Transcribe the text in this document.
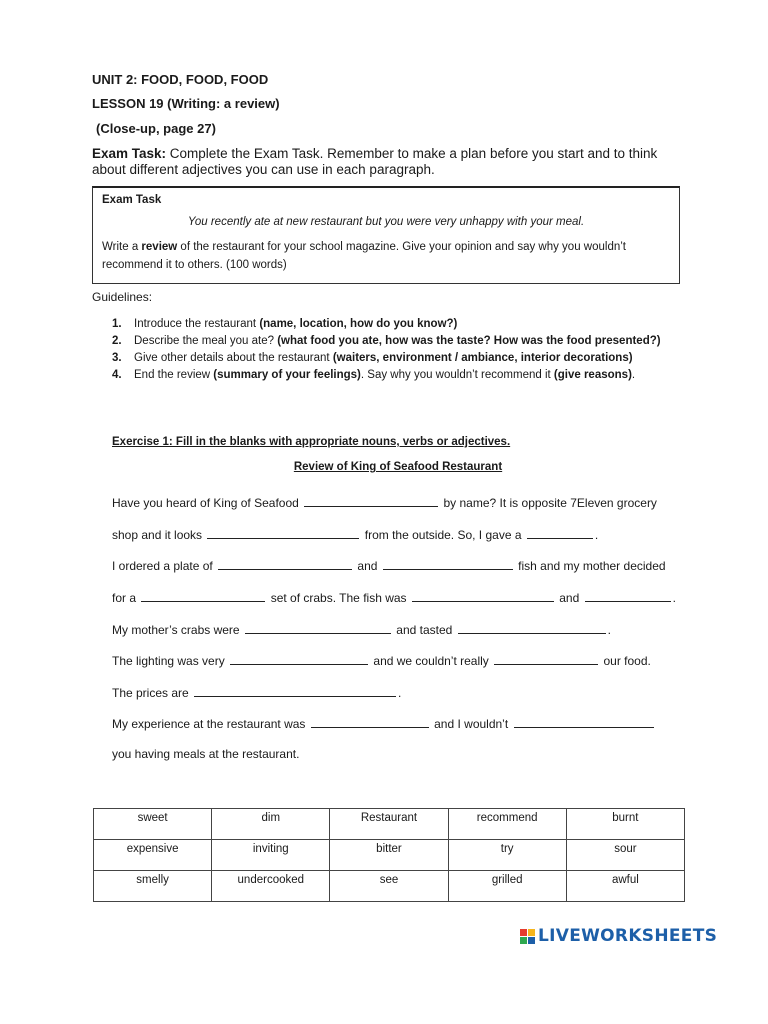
UNIT 2: FOOD, FOOD, FOOD
LESSON 19 (Writing: a review)
(Close-up, page 27)
Exam Task: Complete the Exam Task. Remember to make a plan before you start and to think about different adjectives you can use in each paragraph.
Exam Task
You recently ate at new restaurant but you were very unhappy with your meal.
Write a review of the restaurant for your school magazine. Give your opinion and say why you wouldn’t recommend it to others. (100 words)
Guidelines:
1. Introduce the restaurant (name, location, how do you know?)
2. Describe the meal you ate? (what food you ate, how was the taste? How was the food presented?)
3. Give other details about the restaurant (waiters, environment / ambiance, interior decorations)
4. End the review (summary of your feelings). Say why you wouldn’t recommend it (give reasons).
Exercise 1: Fill in the blanks with appropriate nouns, verbs or adjectives.
Review of King of Seafood Restaurant
Have you heard of King of Seafood	by name? It is opposite 7Eleven grocery
shop and it looks	from the outside. So, I gave a	.
I ordered a plate of	and	fish and my mother decided
for a	set of crabs. The fish was	and	.
My mother’s crabs were	and tasted	.
The lighting was very	and we couldn’t really	our food.
The prices are	.
My experience at the restaurant was	and I wouldn’t
you having meals at the restaurant.
sweet	dim	Restaurant	recommend	burnt
expensive	inviting	bitter	try	sour
smelly	undercooked	see	grilled	awful
LIVEWORKSHEETS
